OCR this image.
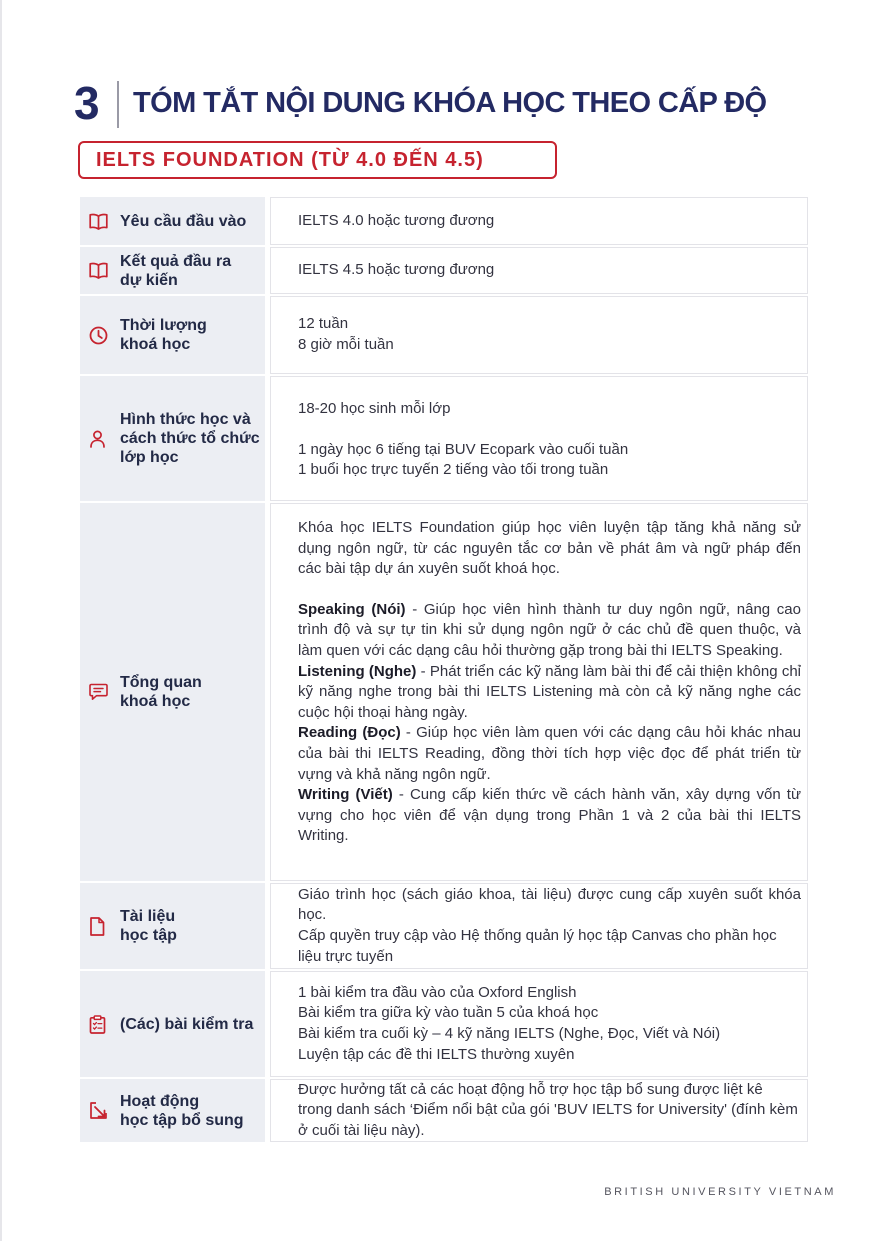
3 TÓM TẮT NỘI DUNG KHÓA HỌC THEO CẤP ĐỘ
IELTS FOUNDATION (TỪ 4.0 ĐẾN 4.5)
Yêu cầu đầu vào	IELTS 4.0 hoặc tương đương

Kết quả đầu ra
dự kiến

IELTS 4.5 hoặc tương đương

Thời lượng
khoá học

12 tuần

8 giờ mỗi tuần

Hình thức học và
cách thức tổ chức
lớp học

18-20 học sinh mỗi lớp

1 ngày học 6 tiếng tại BUV Ecopark vào cuối tuần

1 buổi học trực tuyến 2 tiếng vào tối trong tuần

Tổng quan
khoá học

Khóa học IELTS Foundation giúp học viên luyện tập tăng khả năng sử dụng ngôn ngữ, từ các nguyên tắc cơ bản về phát âm và ngữ pháp đến các bài tập dự án xuyên suốt khoá học.

Speaking (Nói) - Giúp học viên hình thành tư duy ngôn ngữ, nâng cao trình độ và sự tự tin khi sử dụng ngôn ngữ ở các chủ đề quen thuộc, và làm quen với các dạng câu hỏi thường gặp trong bài thi IELTS Speaking.

Listening (Nghe) - Phát triển các kỹ năng làm bài thi để cải thiện không chỉ kỹ năng nghe trong bài thi IELTS Listening mà còn cả kỹ năng nghe các cuộc hội thoại hàng ngày.

Reading (Đọc) - Giúp học viên làm quen với các dạng câu hỏi khác nhau của bài thi IELTS Reading, đồng thời tích hợp việc đọc để phát triển từ vựng và khả năng ngôn ngữ.

Writing (Viết) - Cung cấp kiến thức về cách hành văn, xây dựng vốn từ vựng cho học viên để vận dụng trong Phần 1 và 2 của bài thi IELTS Writing.

Tài liệu
học tập

Giáo trình học (sách giáo khoa, tài liệu) được cung cấp xuyên suốt khóa học.

Cấp quyền truy cập vào Hệ thống quản lý học tập Canvas cho phần học liệu trực tuyến

(Các) bài kiểm tra

1 bài kiểm tra đầu vào của Oxford English

Bài kiểm tra giữa kỳ vào tuần 5 của khoá học

Bài kiểm tra cuối kỳ – 4 kỹ năng IELTS (Nghe, Đọc, Viết và Nói)

Luyện tập các đề thi IELTS thường xuyên

Hoạt động
học tập bổ sung

Được hưởng tất cả các hoạt động hỗ trợ học tập bổ sung được liệt kê trong danh sách ‘Điểm nổi bật của gói 'BUV IELTS for University' (đính kèm ở cuối tài liệu này).

BRITISH UNIVERSITY VIETNAM
